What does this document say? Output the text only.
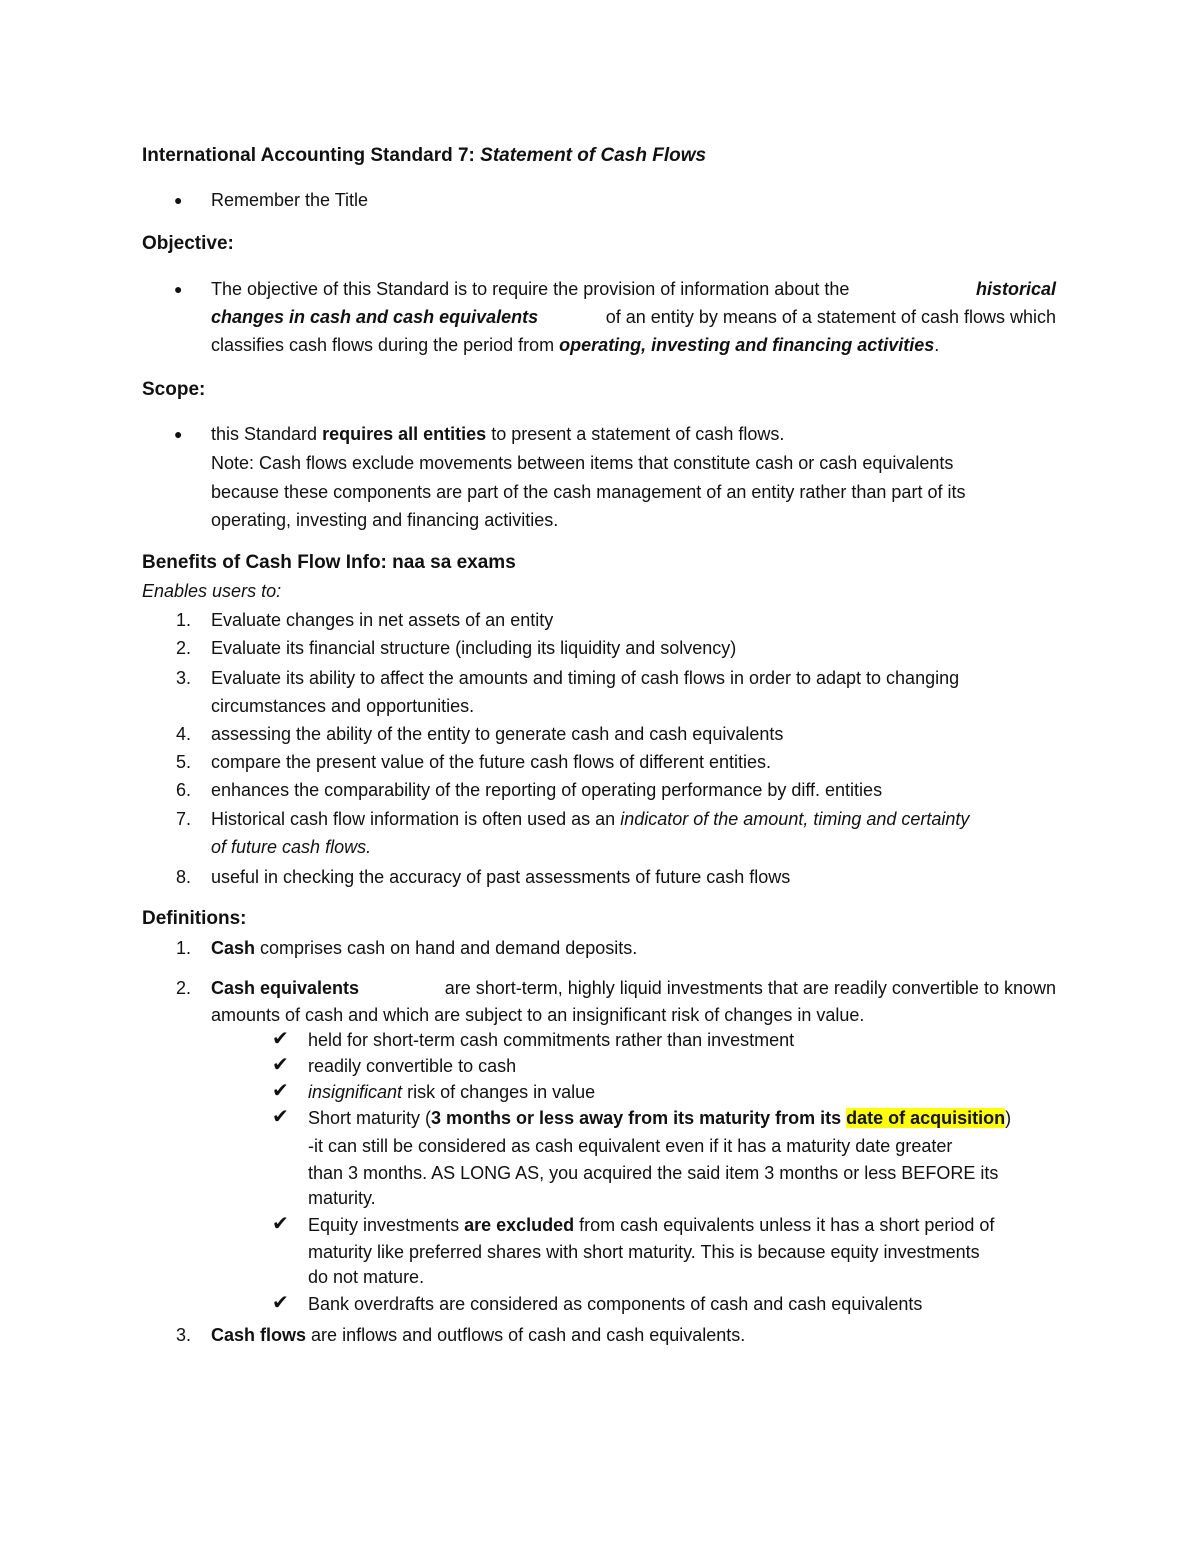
International Accounting Standard 7: Statement of Cash Flows
● Remember the Title
Objective:
● The objective of this Standard is to require the provision of information about the	historical
changes in cash and cash equivalents	of an entity by means of a statement of cash flows which
classifies cash flows during the period from operating, investing and financing activities.
Scope:
● this Standard requires all entities to present a statement of cash flows.
Note: Cash flows exclude movements between items that constitute cash or cash equivalents
because these components are part of the cash management of an entity rather than part of its
operating, investing and financing activities.
Benefits of Cash Flow Info: naa sa exams
Enables users to:
1. Evaluate changes in net assets of an entity
2. Evaluate its financial structure (including its liquidity and solvency)
3. Evaluate its ability to affect the amounts and timing of cash flows in order to adapt to changing
circumstances and opportunities.
4. assessing the ability of the entity to generate cash and cash equivalents
5. compare the present value of the future cash flows of different entities.
6. enhances the comparability of the reporting of operating performance by diff. entities
7. Historical cash flow information is often used as an indicator of the amount, timing and certainty
of future cash flows.
8. useful in checking the accuracy of past assessments of future cash flows
Definitions:
1. Cash comprises cash on hand and demand deposits.
2. Cash equivalents	are short-term, highly liquid investments that are readily convertible to known
amounts of cash and which are subject to an insignificant risk of changes in value.
✔ held for short-term cash commitments rather than investment
✔ readily convertible to cash
✔ insignificant risk of changes in value
✔ Short maturity (3 months or less away from its maturity from its date of acquisition)
-it can still be considered as cash equivalent even if it has a maturity date greater
than 3 months. AS LONG AS, you acquired the said item 3 months or less BEFORE its
maturity.
✔ Equity investments are excluded from cash equivalents unless it has a short period of
maturity like preferred shares with short maturity. This is because equity investments
do not mature.
✔ Bank overdrafts are considered as components of cash and cash equivalents
3. Cash flows are inflows and outflows of cash and cash equivalents.
